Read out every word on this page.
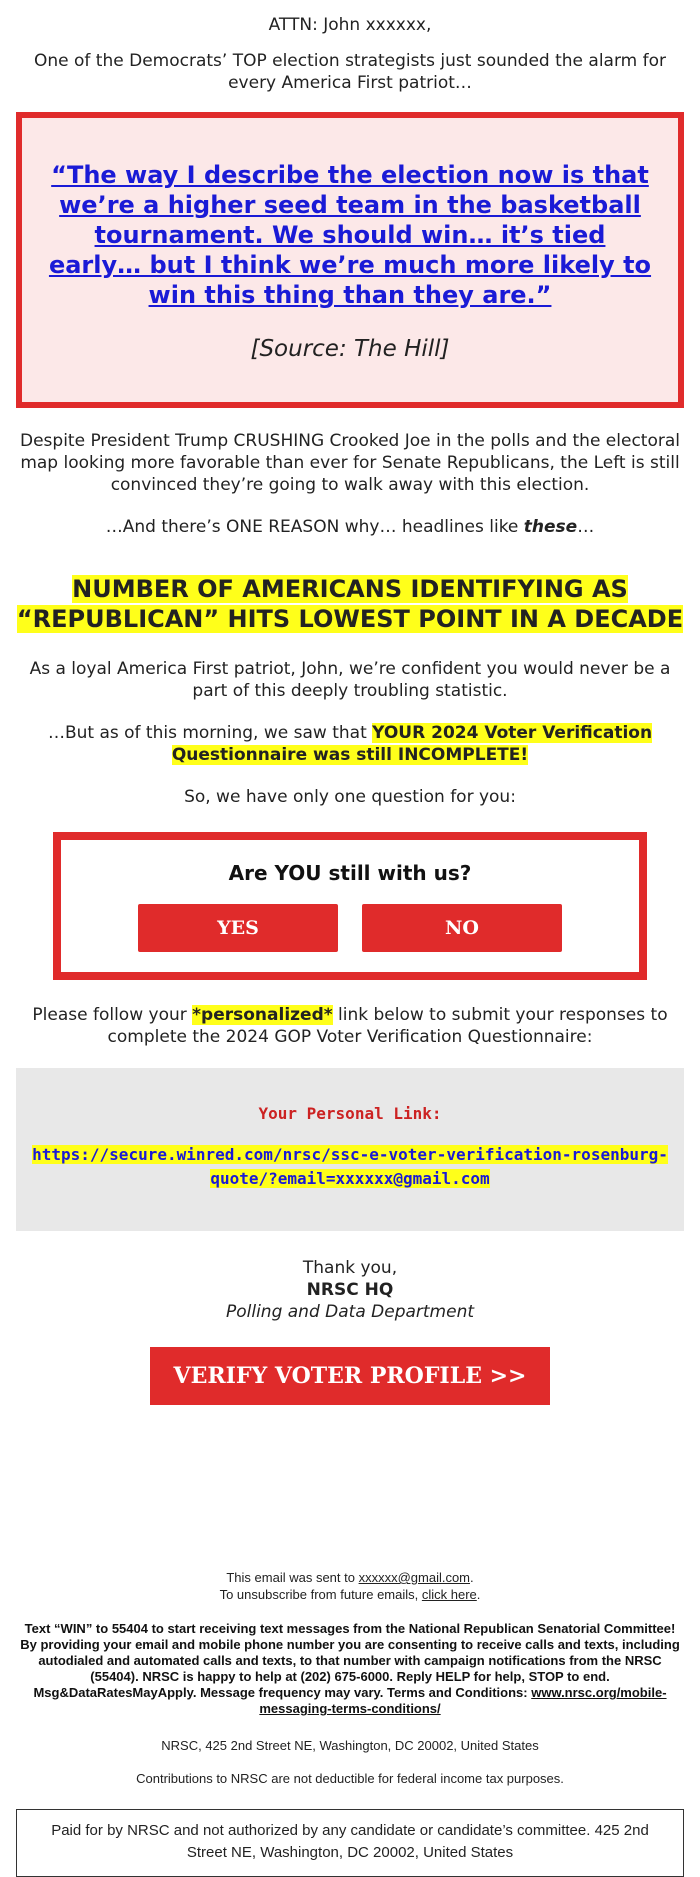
ATTN: John xxxxxx,

One of the Democrats’ TOP election strategists just sounded the alarm for every America First patriot…

“The way I describe the election now is that we’re a higher seed team in the basketball tournament. We should win… it’s tied early… but I think we’re much more likely to win this thing than they are.”

[Source: The Hill]

Despite President Trump CRUSHING Crooked Joe in the polls and the electoral map looking more favorable than ever for Senate Republicans, the Left is still convinced they’re going to walk away with this election.

…And there’s ONE REASON why… headlines like these…

NUMBER OF AMERICANS IDENTIFYING AS “REPUBLICAN” HITS LOWEST POINT IN A DECADE

As a loyal America First patriot, John, we’re confident you would never be a part of this deeply troubling statistic.

…But as of this morning, we saw that YOUR 2024 Voter Verification Questionnaire was still INCOMPLETE!

So, we have only one question for you:

Are YOU still with us?

YES	NO

Please follow your *personalized* link below to submit your responses to complete the 2024 GOP Voter Verification Questionnaire:

Your Personal Link:

https://secure.winred.com/nrsc/ssc-e-voter-verification-rosenburg-quote/?email=xxxxxx@gmail.com

Thank you,

NRSC HQ

Polling and Data Department

VERIFY VOTER PROFILE >>

This email was sent to xxxxxx@gmail.com.

To unsubscribe from future emails, click here.

Text “WIN” to 55404 to start receiving text messages from the National Republican Senatorial Committee! By providing your email and mobile phone number you are consenting to receive calls and texts, including autodialed and automated calls and texts, to that number with campaign notifications from the NRSC (55404). NRSC is happy to help at (202) 675-6000. Reply HELP for help, STOP to end. Msg&DataRatesMayApply. Message frequency may vary. Terms and Conditions: www.nrsc.org/mobile-messaging-terms-conditions/

NRSC, 425 2nd Street NE, Washington, DC 20002, United States

Contributions to NRSC are not deductible for federal income tax purposes.

Paid for by NRSC and not authorized by any candidate or candidate’s committee. 425 2nd Street NE, Washington, DC 20002, United States
